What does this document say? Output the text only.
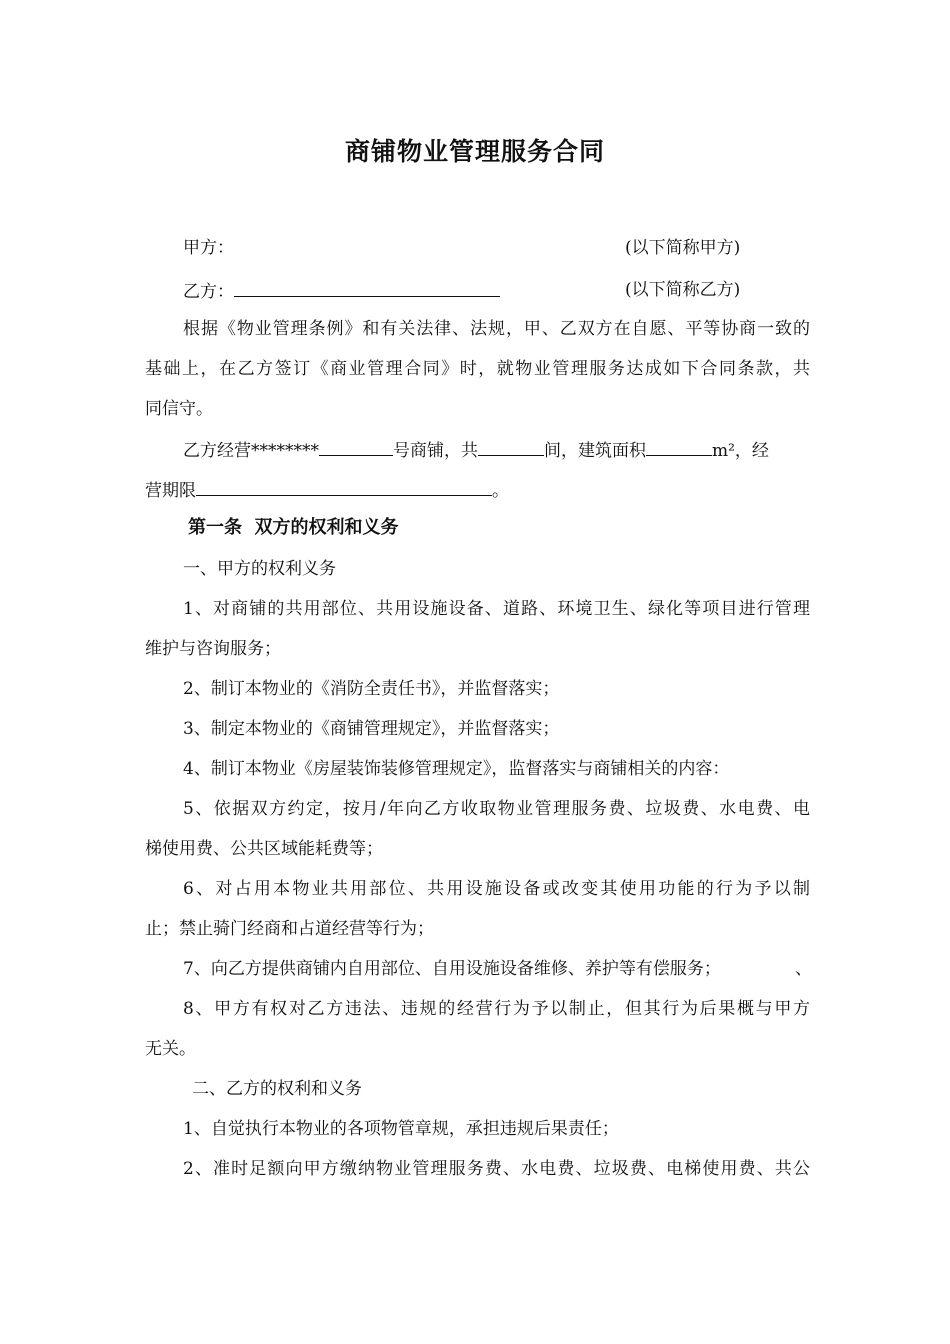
商铺物业管理服务合同
甲方：	(以下简称甲方)
乙方：	(以下简称乙方)
根据《物业管理条例》和有关法律、法规，甲、乙双方在自愿、平等协商一致的
基础上，在乙方签订《商业管理合同》时，就物业管理服务达成如下合同条款，共
同信守。
乙方经营********	号商铺，共	间，建筑面积	m²，经
营期限	。
第一条  双方的权利和义务
一、甲方的权利义务
1、对商铺的共用部位、共用设施设备、道路、环境卫生、绿化等项目进行管理
维护与咨询服务；
2、制订本物业的《消防全责任书》，并监督落实；
3、制定本物业的《商铺管理规定》，并监督落实；
4、制订本物业《房屋装饰装修管理规定》，监督落实与商铺相关的内容：
5、依据双方约定，按月/年向乙方收取物业管理服务费、垃圾费、水电费、电
梯使用费、公共区域能耗费等；
6、对占用本物业共用部位、共用设施设备或改变其使用功能的行为予以制
止；禁止骑门经商和占道经营等行为；
7、向乙方提供商铺内自用部位、自用设施设备维修、养护等有偿服务；	、
8、甲方有权对乙方违法、违规的经营行为予以制止，但其行为后果概与甲方
无关。
二、乙方的权利和义务
1、自觉执行本物业的各项物管章规，承担违规后果责任；
2、准时足额向甲方缴纳物业管理服务费、水电费、垃圾费、电梯使用费、共公
